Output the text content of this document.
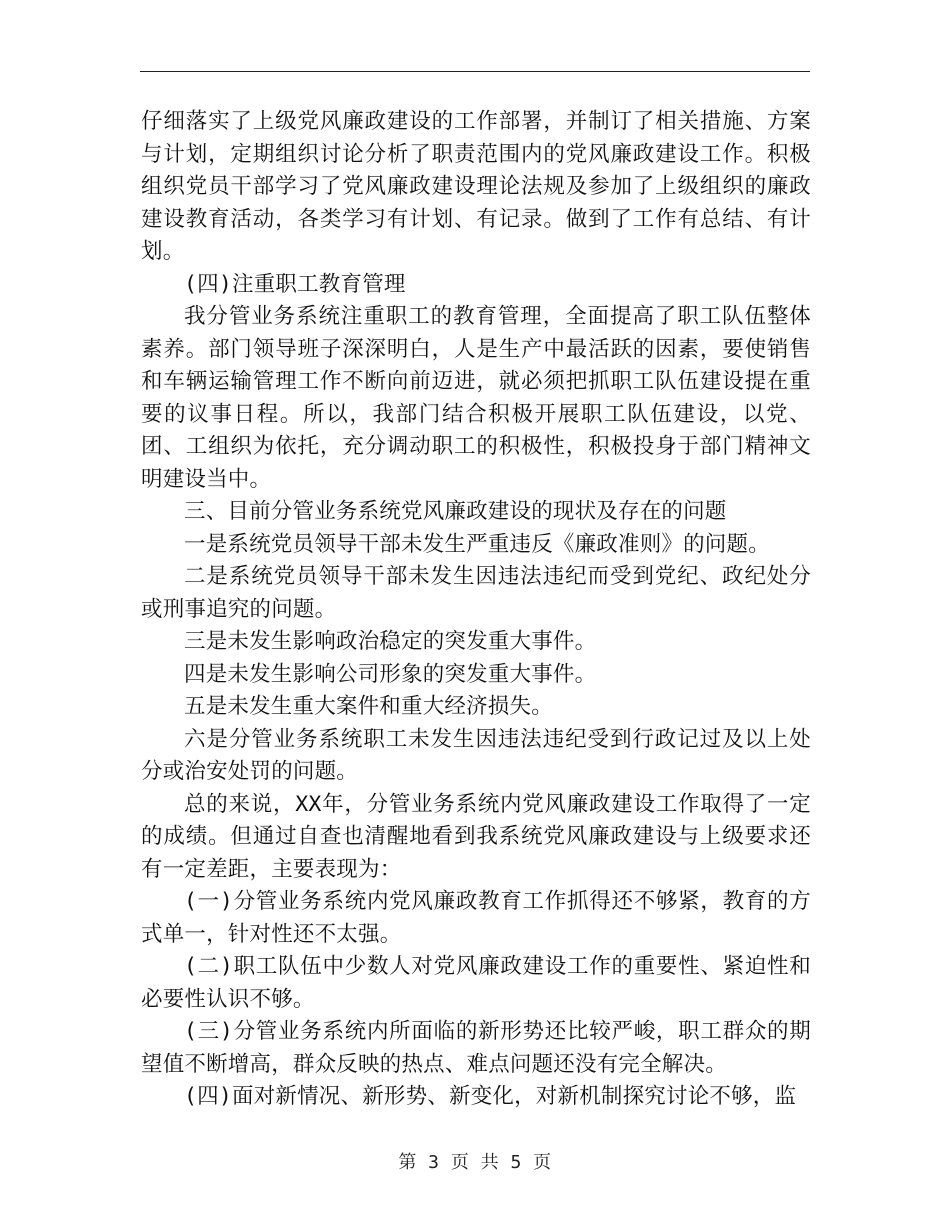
仔细落实了上级党风廉政建设的工作部署，并制订了相关措施、方案与计划，定期组织讨论分析了职责范围内的党风廉政建设工作。积极组织党员干部学习了党风廉政建设理论法规及参加了上级组织的廉政建设教育活动，各类学习有计划、有记录。做到了工作有总结、有计划。

(四)注重职工教育管理

我分管业务系统注重职工的教育管理，全面提高了职工队伍整体素养。部门领导班子深深明白，人是生产中最活跃的因素，要使销售和车辆运输管理工作不断向前迈进，就必须把抓职工队伍建设提在重要的议事日程。所以，我部门结合积极开展职工队伍建设，以党、团、工组织为依托，充分调动职工的积极性，积极投身于部门精神文明建设当中。

三、目前分管业务系统党风廉政建设的现状及存在的问题

一是系统党员领导干部未发生严重违反《廉政准则》的问题。

二是系统党员领导干部未发生因违法违纪而受到党纪、政纪处分或刑事追究的问题。

三是未发生影响政治稳定的突发重大事件。

四是未发生影响公司形象的突发重大事件。

五是未发生重大案件和重大经济损失。

六是分管业务系统职工未发生因违法违纪受到行政记过及以上处分或治安处罚的问题。

总的来说，XX年，分管业务系统内党风廉政建设工作取得了一定的成绩。但通过自查也清醒地看到我系统党风廉政建设与上级要求还有一定差距，主要表现为：

(一)分管业务系统内党风廉政教育工作抓得还不够紧，教育的方式单一，针对性还不太强。

(二)职工队伍中少数人对党风廉政建设工作的重要性、紧迫性和必要性认识不够。

(三)分管业务系统内所面临的新形势还比较严峻，职工群众的期望值不断增高，群众反映的热点、难点问题还没有完全解决。

(四)面对新情况、新形势、新变化，对新机制探究讨论不够，监

第 3 页 共 5 页
